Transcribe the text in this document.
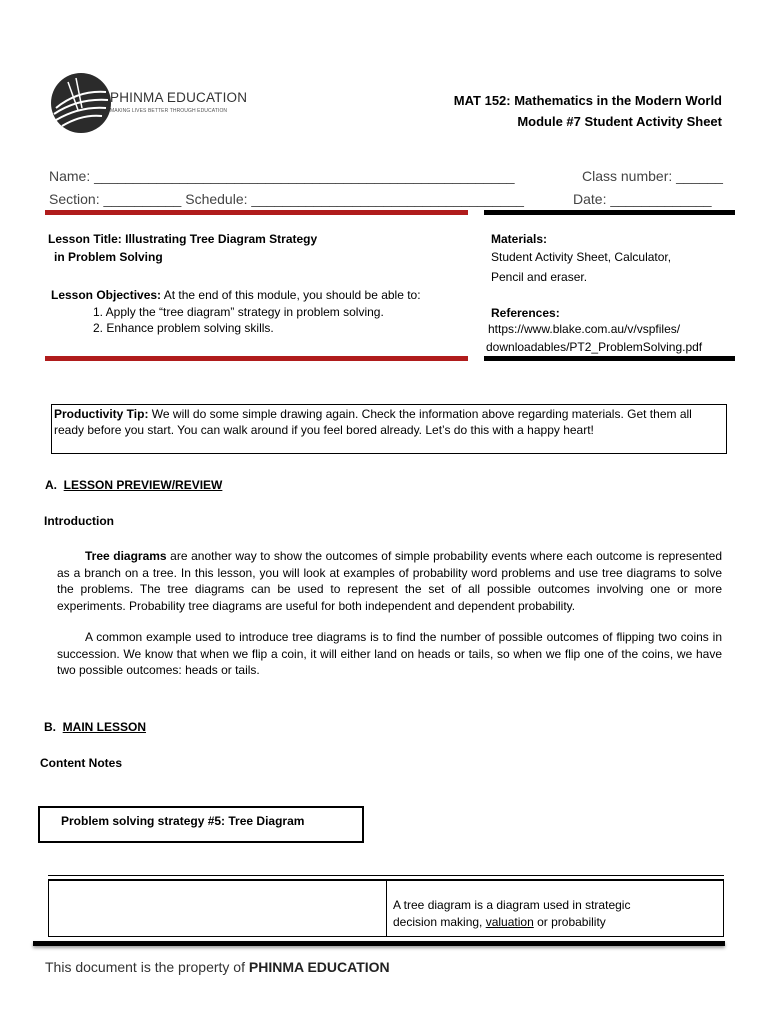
PHINMA EDUCATION
MAKING LIVES BETTER THROUGH EDUCATION
MAT 152: Mathematics in the Modern World
Module #7 Student Activity Sheet
Name: ______________________________________________________	Class number: ______
Section: __________ Schedule: ___________________________________	Date: _____________
Lesson Title: Illustrating Tree Diagram Strategy
in Problem Solving
Lesson Objectives: At the end of this module, you should be able to:
1. Apply the “tree diagram” strategy in problem solving.
2. Enhance problem solving skills.
Materials:
Student Activity Sheet, Calculator,
Pencil and eraser.
References:
https://www.blake.com.au/v/vspfiles/
downloadables/PT2_ProblemSolving.pdf
Productivity Tip: We will do some simple drawing again. Check the information above regarding materials. Get them all ready before you start. You can walk around if you feel bored already. Let’s do this with a happy heart!
A. LESSON PREVIEW/REVIEW
Introduction
Tree diagrams are another way to show the outcomes of simple probability events where each outcome is represented as a branch on a tree. In this lesson, you will look at examples of probability word problems and use tree diagrams to solve the problems. The tree diagrams can be used to represent the set of all possible outcomes involving one or more experiments. Probability tree diagrams are useful for both independent and dependent probability.
A common example used to introduce tree diagrams is to find the number of possible outcomes of flipping two coins in succession. We know that when we flip a coin, it will either land on heads or tails, so when we flip one of the coins, we have two possible outcomes: heads or tails.
B. MAIN LESSON
Content Notes
Problem solving strategy #5: Tree Diagram
A tree diagram is a diagram used in strategic
decision making, valuation or probability
This document is the property of PHINMA EDUCATION
